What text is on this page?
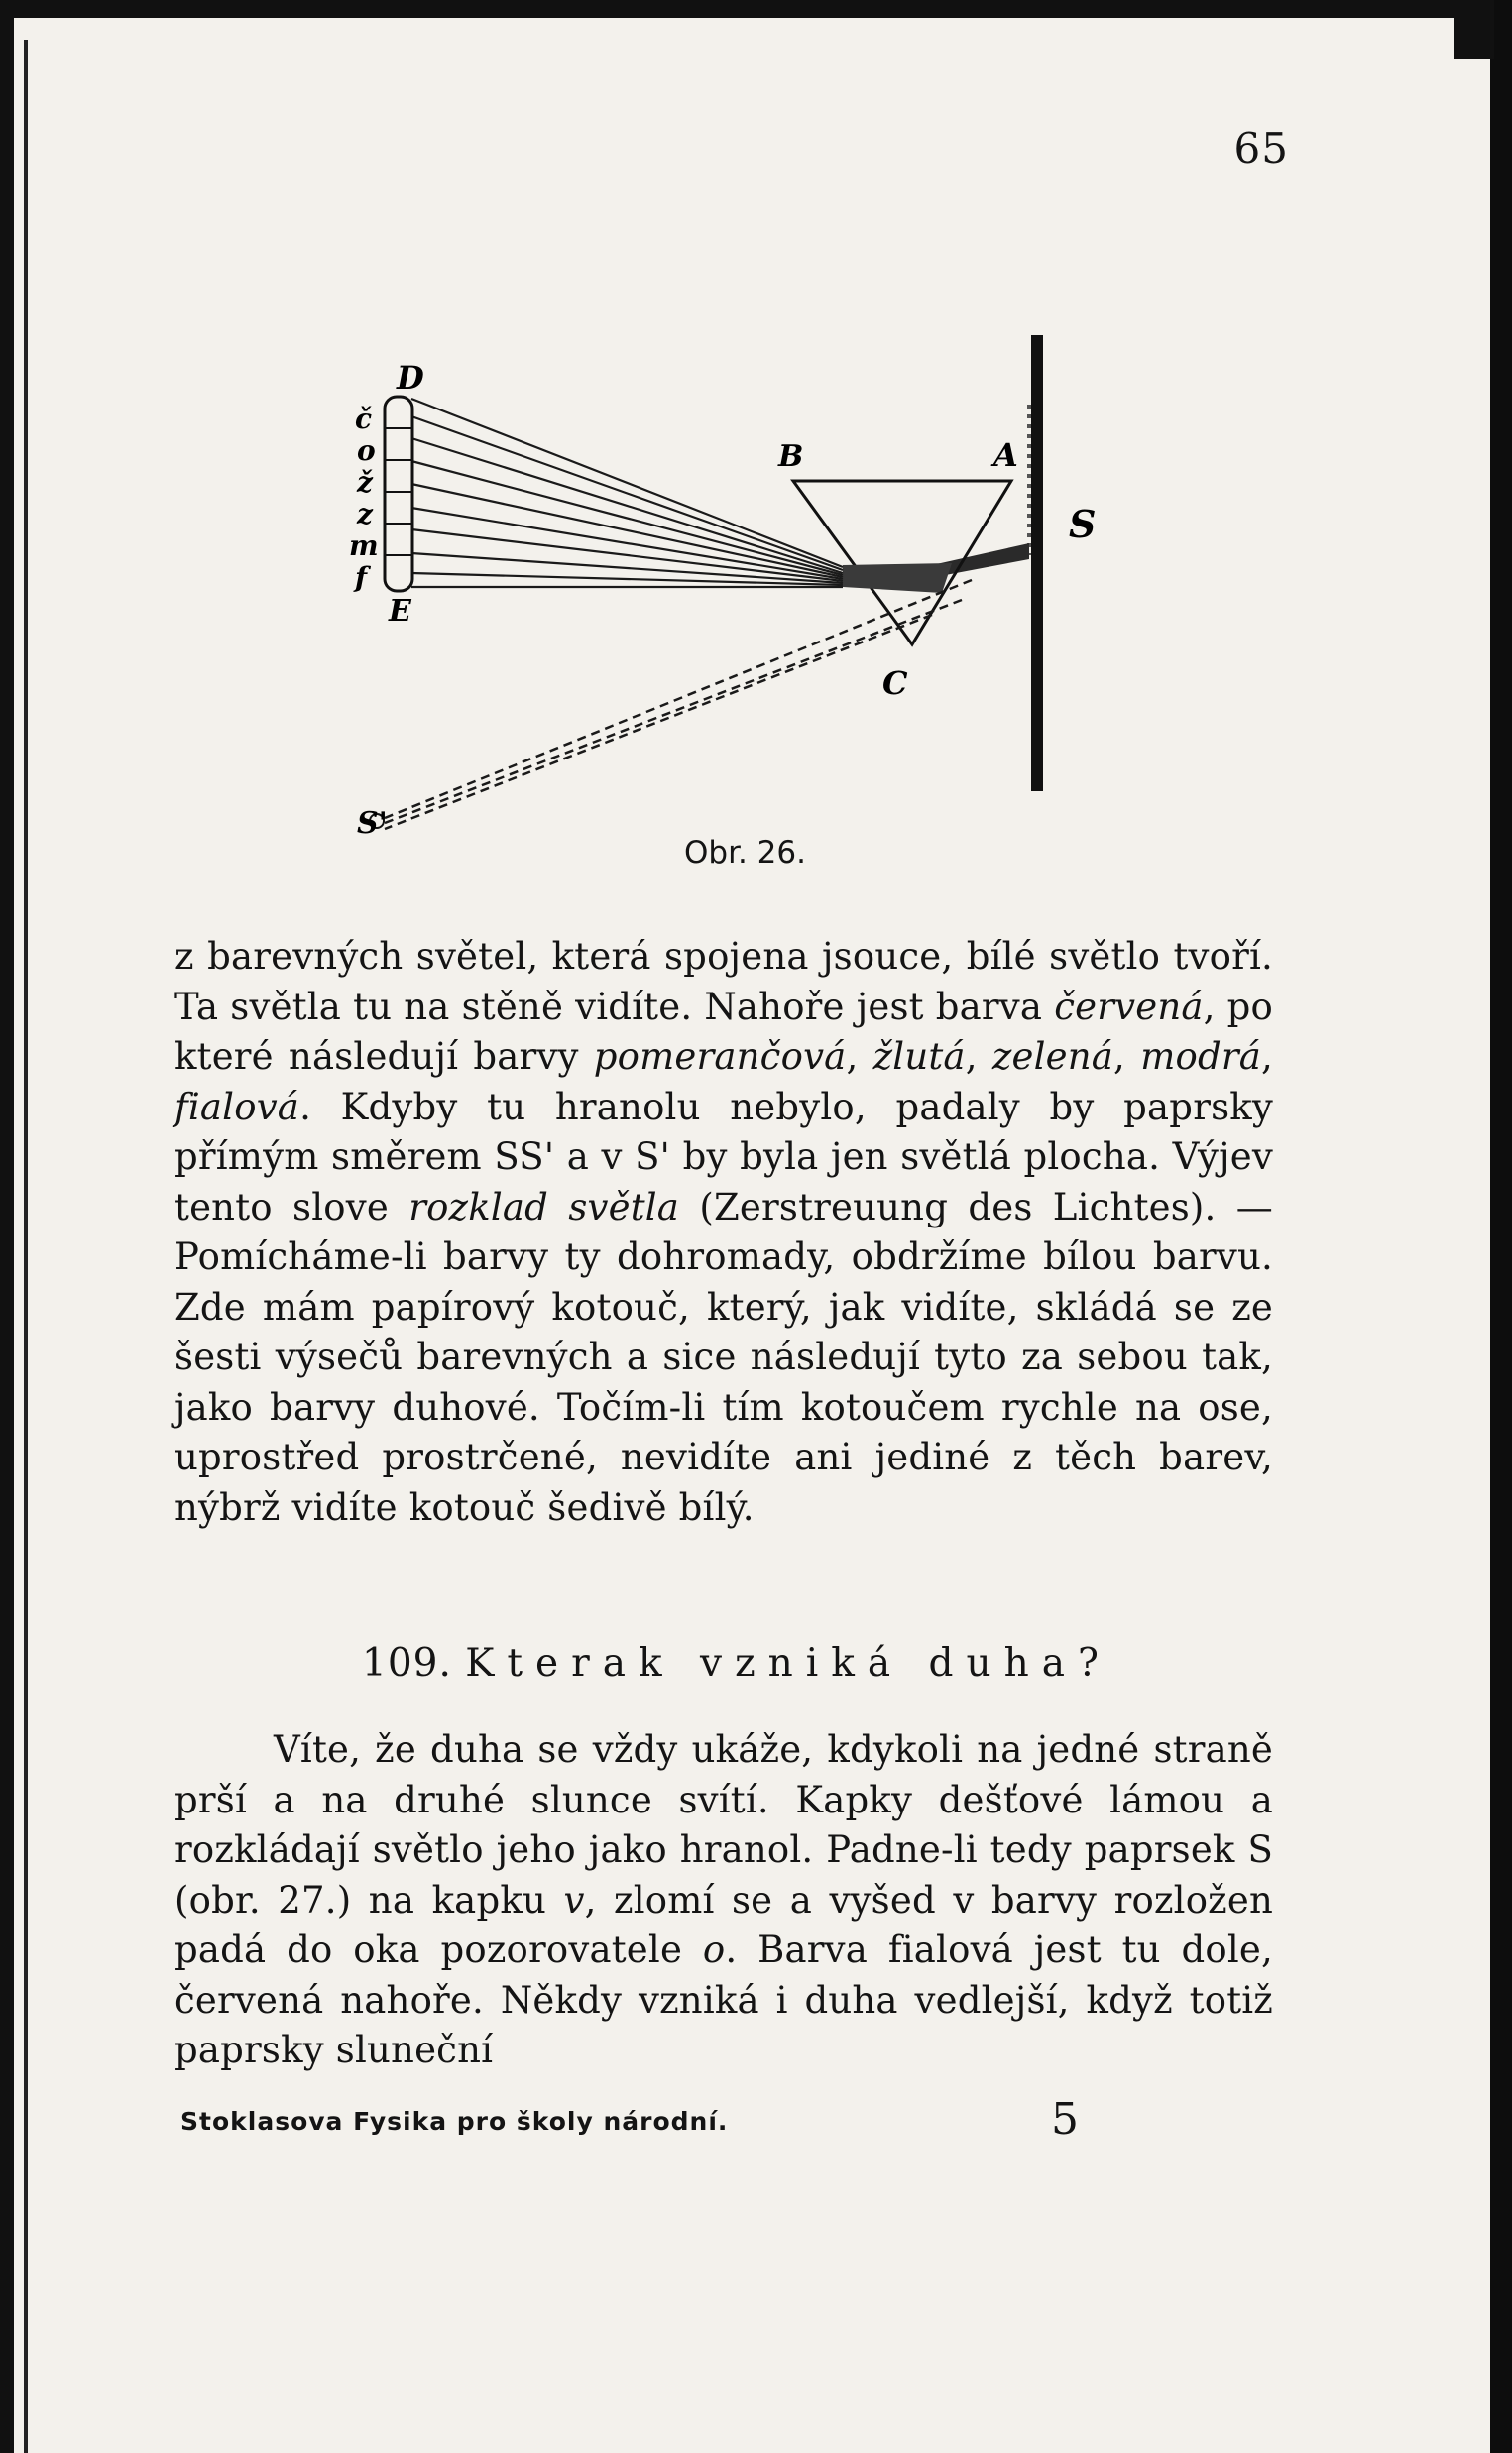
65
D
E
B	A
C
S
S'
č
o
ž
z
m
f
Obr. 26.

z barevných světel, která spojena jsouce, bílé světlo tvoří. Ta světla tu na stěně vidíte. Nahoře jest barva červená, po které následují barvy pomerančová, žlutá, zelená, modrá, fialová. Kdyby tu hranolu nebylo, padaly by paprsky přímým směrem SS' a v S' by byla jen světlá plocha. Výjev tento slove rozklad světla (Zerstreuung des Lichtes). — Pomícháme-li barvy ty dohromady, obdržíme bílou barvu. Zde mám papírový kotouč, který, jak vidíte, skládá se ze šesti výsečů barevných a sice následují tyto za sebou tak, jako barvy duhové. Točím-li tím kotoučem rychle na ose, uprostřed prostrčené, nevidíte ani jediné z těch barev, nýbrž vidíte kotouč šedivě bílý.

109. Kterak vzniká duha?

Víte, že duha se vždy ukáže, kdykoli na jedné straně prší a na druhé slunce svítí. Kapky dešťové lámou a rozkládají světlo jeho jako hranol. Padne-li tedy paprsek S (obr. 27.) na kapku v, zlomí se a vyšed v barvy rozložen padá do oka pozorovatele o. Barva fialová jest tu dole, červená nahoře. Někdy vzniká i duha vedlejší, když totiž paprsky sluneční

Stoklasova Fysika pro školy národní.	5
